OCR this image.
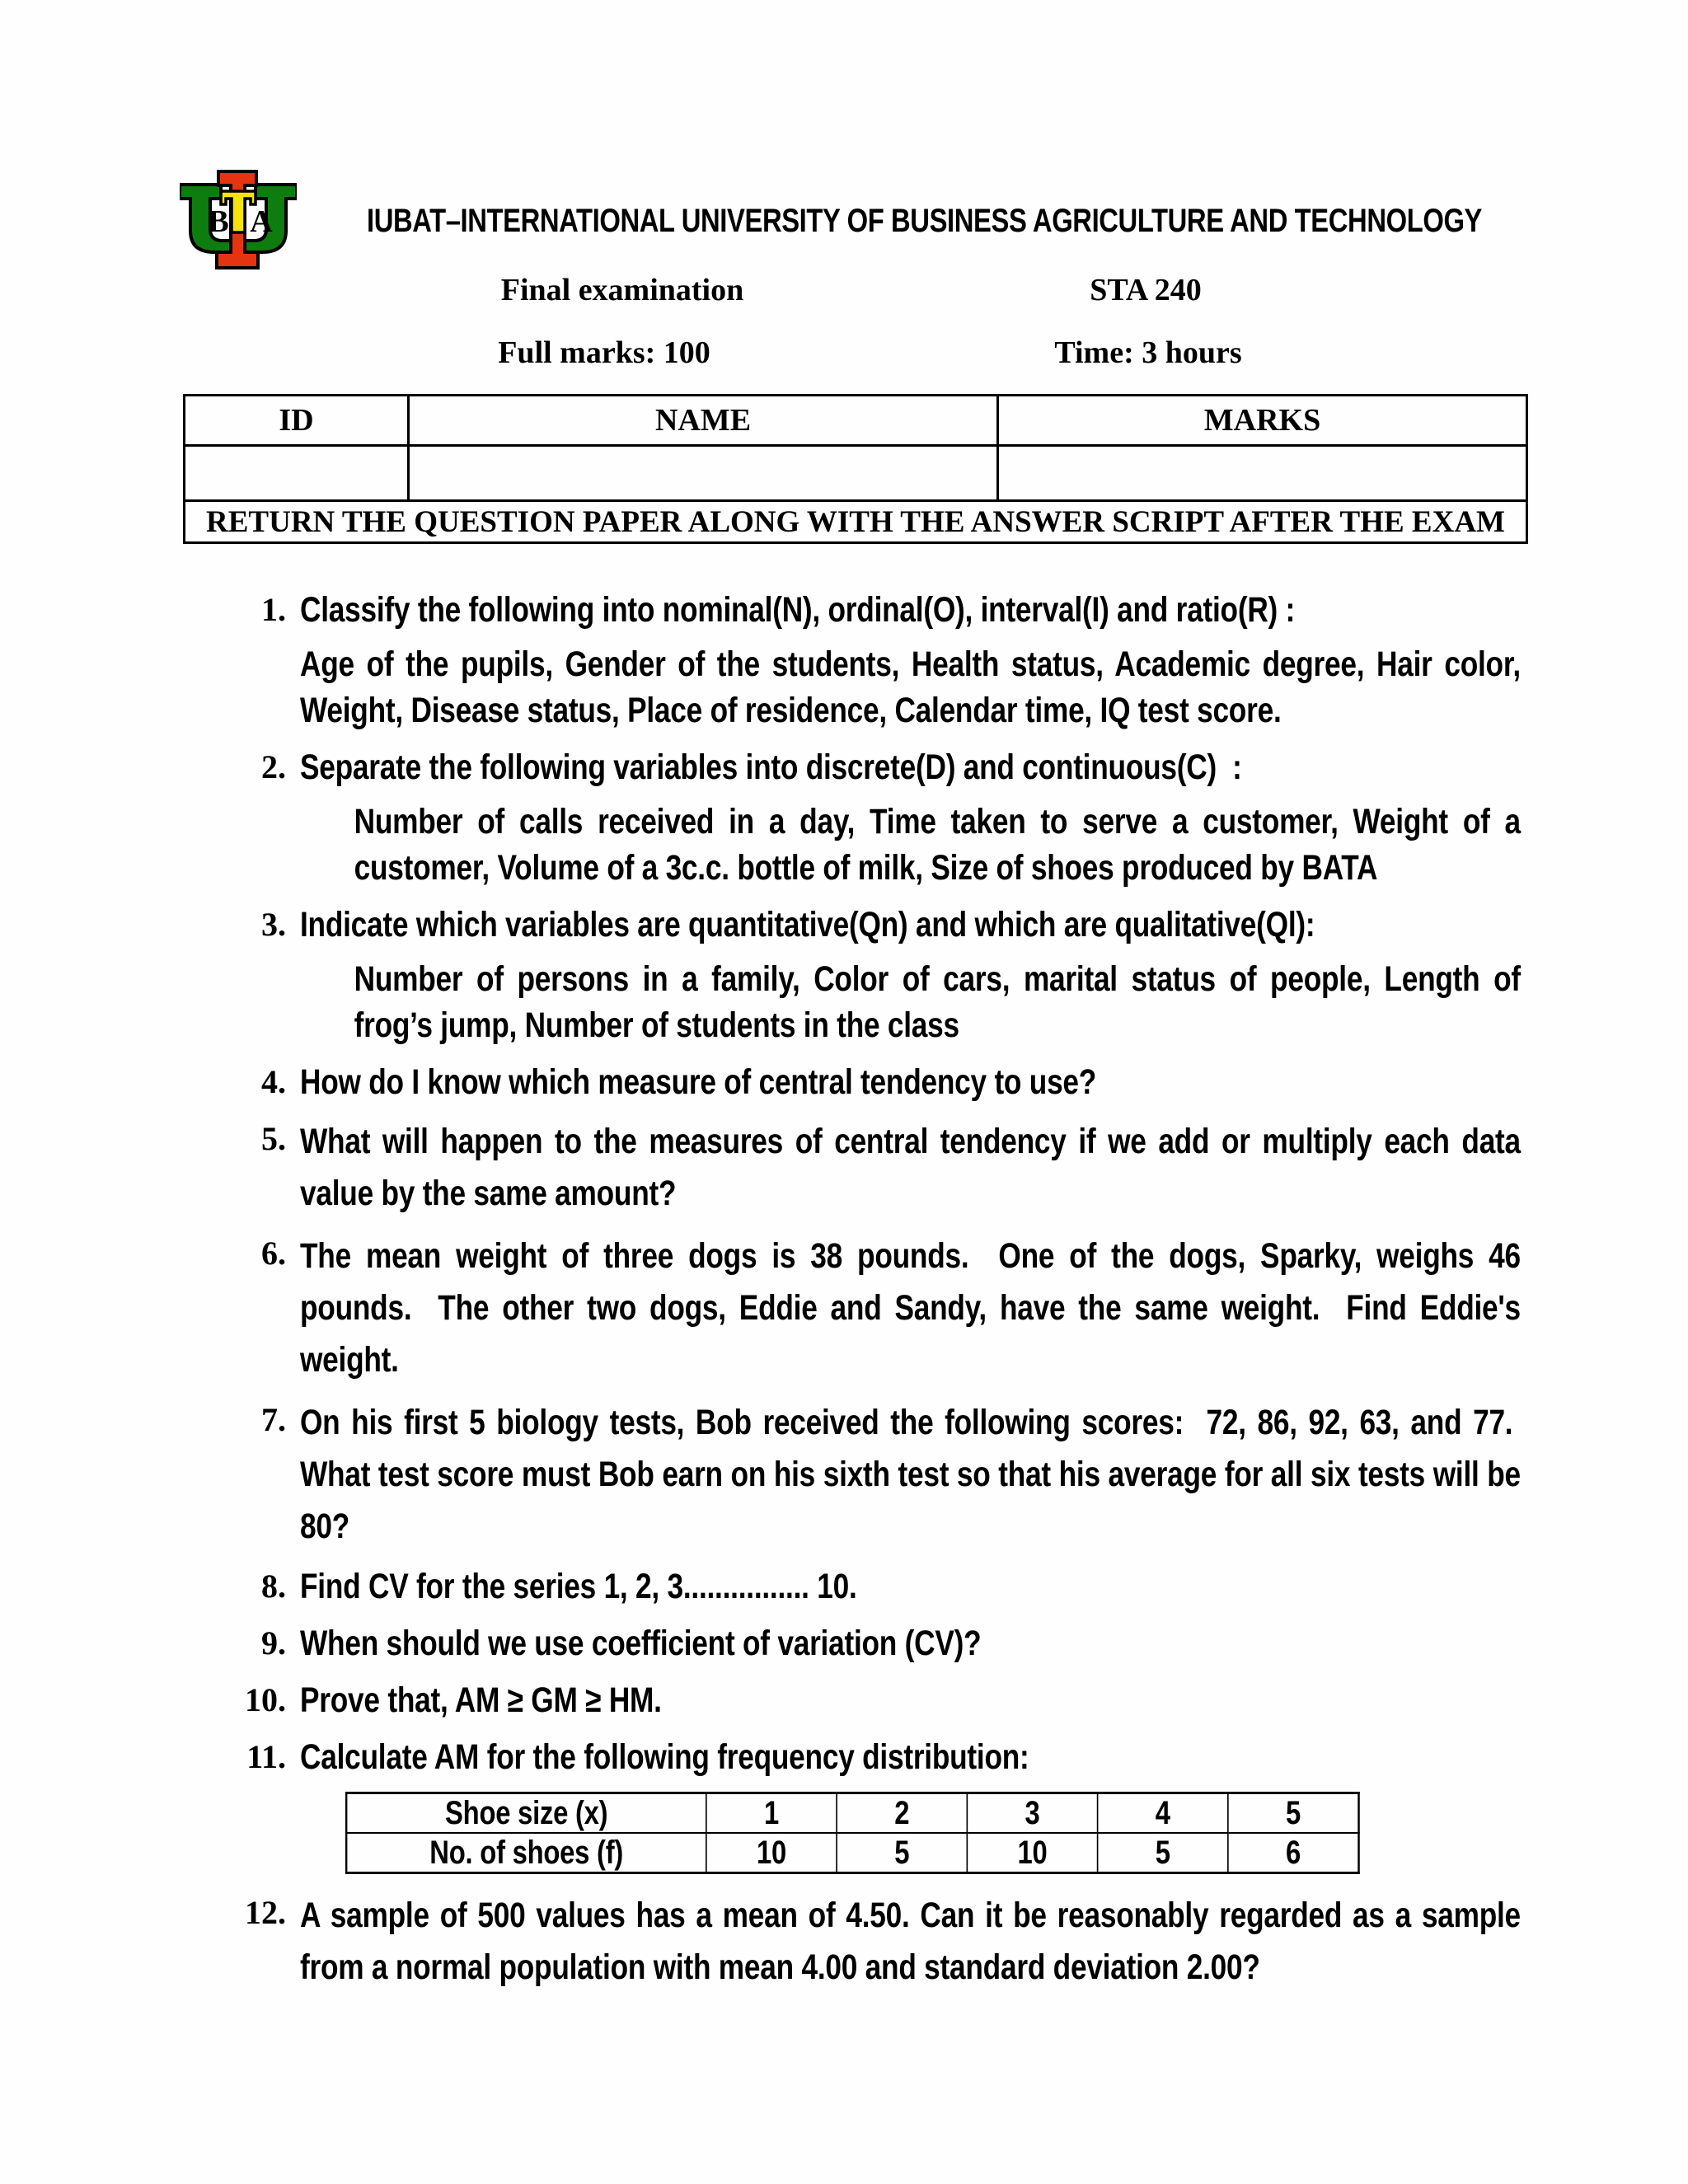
B A	IUBAT–INTERNATIONAL UNIVERSITY OF BUSINESS AGRICULTURE AND TECHNOLOGY
Final examination	STA 240
Full marks: 100	Time: 3 hours
ID	NAME	MARKS

RETURN THE QUESTION PAPER ALONG WITH THE ANSWER SCRIPT AFTER THE EXAM		
1. Classify the following into nominal(N), ordinal(O), interval(I) and ratio(R) :

Age of the pupils, Gender of the students, Health status, Academic degree, Hair color, Weight, Disease status, Place of residence, Calendar time, IQ test score.

2. Separate the following variables into discrete(D) and continuous(C)  :

Number of calls received in a day, Time taken to serve a customer, Weight of a customer, Volume of a 3c.c. bottle of milk, Size of shoes produced by BATA

3. Indicate which variables are quantitative(Qn) and which are qualitative(Ql):

Number of persons in a family, Color of cars, marital status of people, Length of frog’s jump, Number of students in the class

4. How do I know which measure of central tendency to use?

5. What will happen to the measures of central tendency if we add or multiply each data value by the same amount?

6. The mean weight of three dogs is 38 pounds.  One of the dogs, Sparky, weighs 46 pounds.  The other two dogs, Eddie and Sandy, have the same weight.  Find Eddie's weight.

7. On his first 5 biology tests, Bob received the following scores:  72, 86, 92, 63, and 77.  What test score must Bob earn on his sixth test so that his average for all six tests will be 80?

8. Find CV for the series 1, 2, 3................ 10.

9. When should we use coefficient of variation (CV)?

10. Prove that, AM ≥ GM ≥ HM.

11. Calculate AM for the following frequency distribution:

Shoe size (x)	1	2	3	4	5
No. of shoes (f)	10	5	10	5	6
12. A sample of 500 values has a mean of 4.50. Can it be reasonably regarded as a sample from a normal population with mean 4.00 and standard deviation 2.00?
